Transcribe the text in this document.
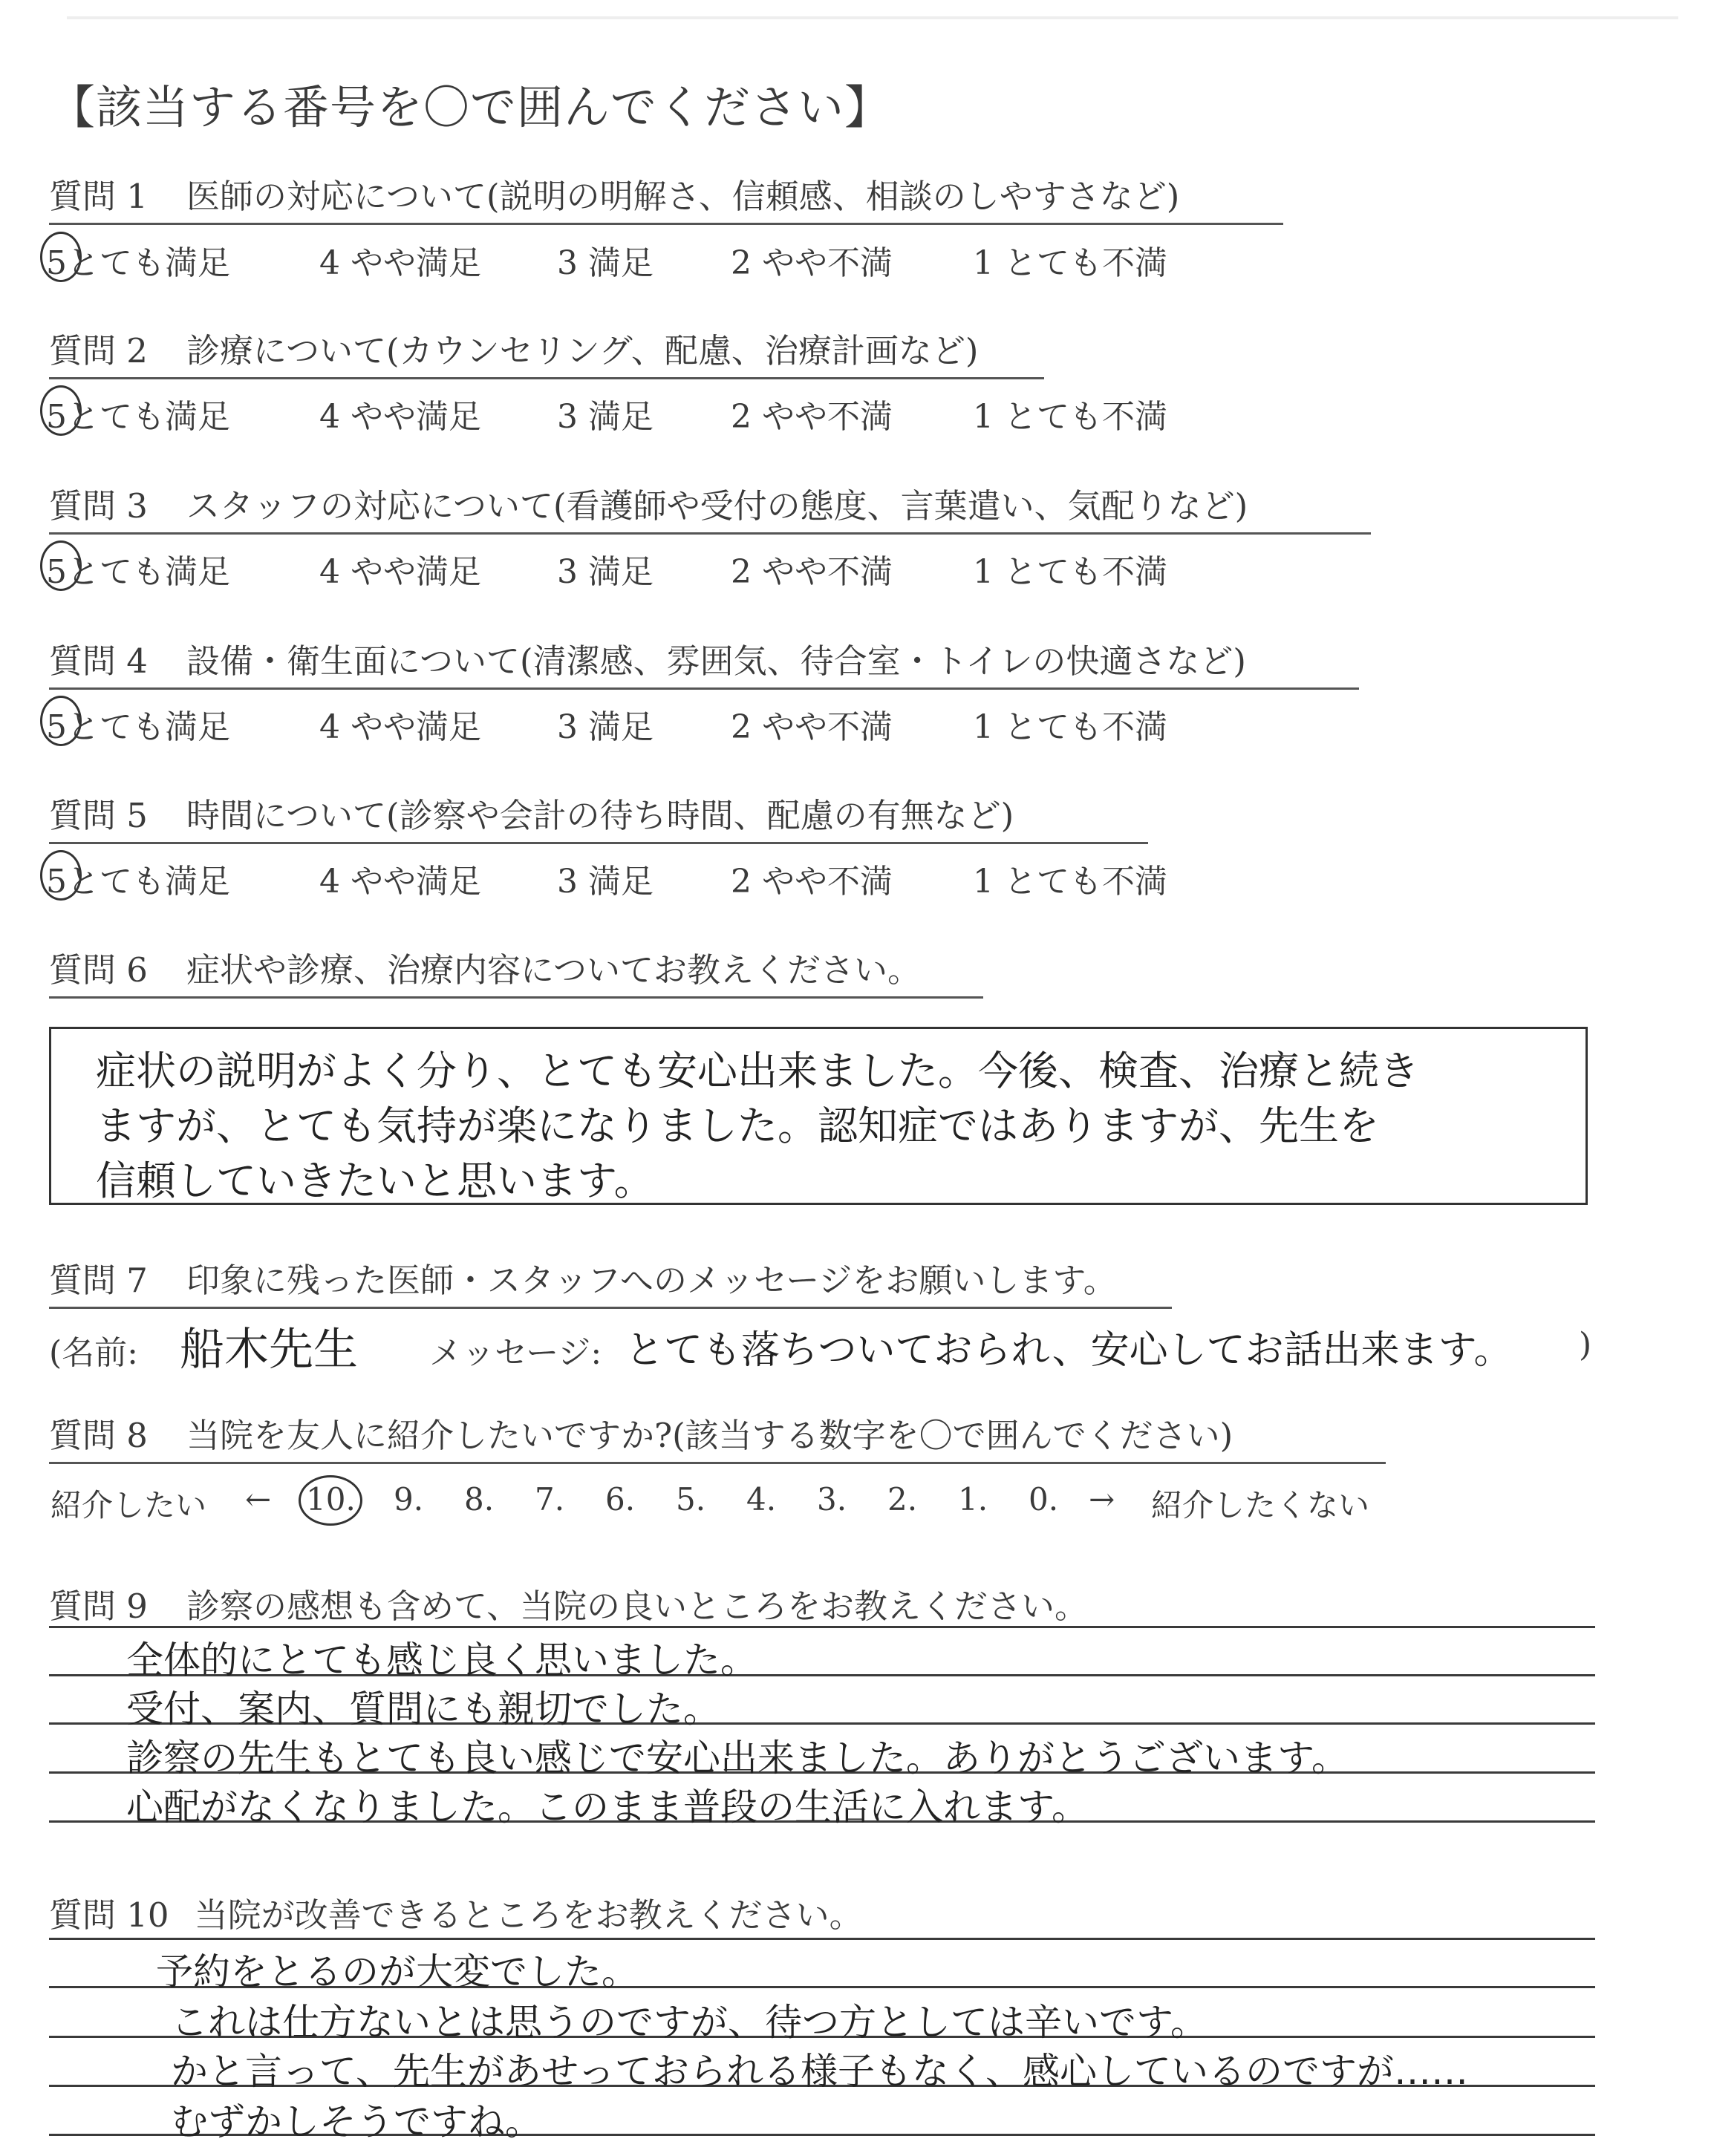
【該当する番号を〇で囲んでください】
質問 1 医師の対応について(説明の明解さ、信頼感、相談のしやすさなど)
5とても満足	4 やや満足 3 満足 2 やや不満 1 とても不満
質問 2 診療について(カウンセリング、配慮、治療計画など)
5とても満足	4 やや満足 3 満足 2 やや不満 1 とても不満
質問 3 スタッフの対応について(看護師や受付の態度、言葉遣い、気配りなど)
5とても満足	4 やや満足 3 満足 2 やや不満 1 とても不満
質問 4 設備・衛生面について(清潔感、雰囲気、待合室・トイレの快適さなど)
5とても満足	4 やや満足 3 満足 2 やや不満 1 とても不満
質問 5 時間について(診察や会計の待ち時間、配慮の有無など)
5とても満足	4 やや満足 3 満足 2 やや不満 1 とても不満
質問 6 症状や診療、治療内容についてお教えください。
症状の説明がよく分り、とても安心出来ました。今後、検査、治療と続き
ますが、とても気持が楽になりました。認知症ではありますが、先生を
信頼していきたいと思います。
質問 7 印象に残った医師・スタッフへのメッセージをお願いします。
(名前: 船木先生 メッセージ: とても落ちついておられ、安心してお話出来ます。 )
質問 8 当院を友人に紹介したいですか?(該当する数字を〇で囲んでください)
紹介したい ← 10. 9. 8. 7. 6. 5. 4. 3. 2. 1. 0. → 紹介したくない
質問 9 診察の感想も含めて、当院の良いところをお教えください。
全体的にとても感じ良く思いました。
受付、案内、質問にも親切でした。
診察の先生もとても良い感じで安心出来ました。ありがとうございます。
心配がなくなりました。このまま普段の生活に入れます。
質問 10 当院が改善できるところをお教えください。
予約をとるのが大変でした。
これは仕方ないとは思うのですが、待つ方としては辛いです。
かと言って、先生があせっておられる様子もなく、感心しているのですが……
むずかしそうですね。
